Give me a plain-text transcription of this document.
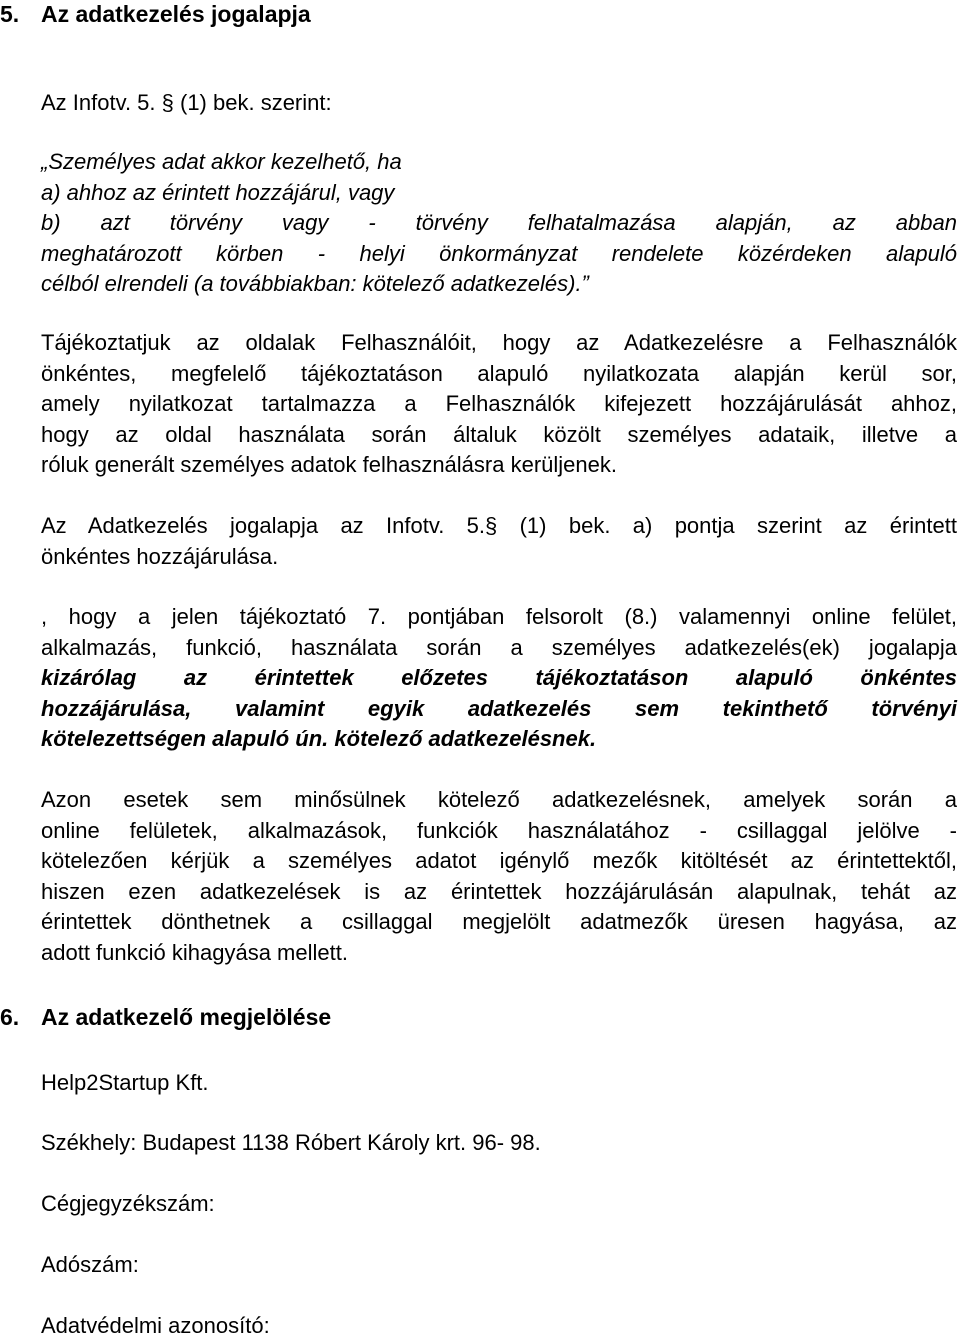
5. Az adatkezelés jogalapja
Az Infotv. 5. § (1) bek. szerint:
„Személyes adat akkor kezelhető, ha
a) ahhoz az érintett hozzájárul, vagy
b) azt törvény vagy - törvény felhatalmazása alapján, az abban
meghatározott körben - helyi önkormányzat rendelete közérdeken alapuló
célból elrendeli (a továbbiakban: kötelező adatkezelés).”
Tájékoztatjuk az oldalak Felhasználóit, hogy az Adatkezelésre a Felhasználók
önkéntes, megfelelő tájékoztatáson alapuló nyilatkozata alapján kerül sor,
amely nyilatkozat tartalmazza a Felhasználók kifejezett hozzájárulását ahhoz,
hogy az oldal használata során általuk közölt személyes adataik, illetve a
róluk generált személyes adatok felhasználásra kerüljenek.
Az Adatkezelés jogalapja az Infotv. 5.§ (1) bek. a) pontja szerint az érintett
önkéntes hozzájárulása.
, hogy a jelen tájékoztató 7. pontjában felsorolt (8.) valamennyi online felület,
alkalmazás, funkció, használata során a személyes adatkezelés(ek) jogalapja
kizárólag az érintettek előzetes tájékoztatáson alapuló önkéntes
hozzájárulása, valamint egyik adatkezelés sem tekinthető törvényi
kötelezettségen alapuló ún. kötelező adatkezelésnek.
Azon esetek sem minősülnek kötelező adatkezelésnek, amelyek során a
online felületek, alkalmazások, funkciók használatához - csillaggal jelölve -
kötelezően kérjük a személyes adatot igénylő mezők kitöltését az érintettektől,
hiszen ezen adatkezelések is az érintettek hozzájárulásán alapulnak, tehát az
érintettek dönthetnek a csillaggal megjelölt adatmezők üresen hagyása, az
adott funkció kihagyása mellett.
6. Az adatkezelő megjelölése
Help2Startup Kft.
Székhely: Budapest 1138 Róbert Károly krt. 96- 98.
Cégjegyzékszám:
Adószám:
Adatvédelmi azonosító:
